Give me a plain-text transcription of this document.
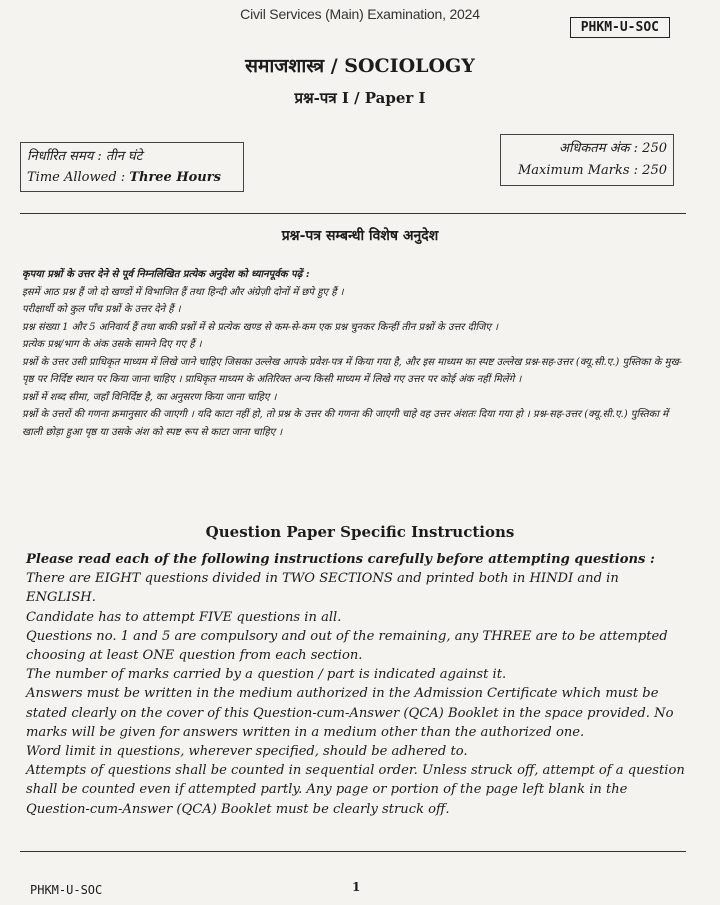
Civil Services (Main) Examination, 2024
PHKM-U-SOC
समाजशास्त्र / SOCIOLOGY
प्रश्न-पत्र I / Paper I
निर्धारित समय : तीन घंटे
Time Allowed : Three Hours
अधिकतम अंक : 250
Maximum Marks : 250
प्रश्न-पत्र सम्बन्धी विशेष अनुदेश

कृपया प्रश्नों के उत्तर देने से पूर्व निम्नलिखित प्रत्येक अनुदेश को ध्यानपूर्वक पढ़ें :

इसमें आठ प्रश्न हैं जो दो खण्डों में विभाजित हैं तथा हिन्दी और अंग्रेज़ी दोनों में छपे हुए हैं ।

परीक्षार्थी को कुल पाँच प्रश्नों के उत्तर देने हैं ।

प्रश्न संख्या 1 और 5 अनिवार्य हैं तथा बाकी प्रश्नों में से प्रत्येक खण्ड से कम-से-कम एक प्रश्न चुनकर किन्हीं तीन प्रश्नों के उत्तर दीजिए ।

प्रत्येक प्रश्न/भाग के अंक उसके सामने दिए गए हैं ।

प्रश्नों के उत्तर उसी प्राधिकृत माध्यम में लिखे जाने चाहिए जिसका उल्लेख आपके प्रवेश-पत्र में किया गया है, और इस माध्यम का स्पष्ट उल्लेख प्रश्न-सह-उत्तर (क्यू.सी.ए.) पुस्तिका के मुख-पृष्ठ पर निर्दिष्ट स्थान पर किया जाना चाहिए । प्राधिकृत माध्यम के अतिरिक्त अन्य किसी माध्यम में लिखे गए उत्तर पर कोई अंक नहीं मिलेंगे ।

प्रश्नों में शब्द सीमा, जहाँ विनिर्दिष्ट है, का अनुसरण किया जाना चाहिए ।

प्रश्नों के उत्तरों की गणना क्रमानुसार की जाएगी । यदि काटा नहीं हो, तो प्रश्न के उत्तर की गणना की जाएगी चाहे वह उत्तर अंशतः दिया गया हो । प्रश्न-सह-उत्तर (क्यू.सी.ए.) पुस्तिका में खाली छोड़ा हुआ पृष्ठ या उसके अंश को स्पष्ट रूप से काटा जाना चाहिए ।

Question Paper Specific Instructions

Please read each of the following instructions carefully before attempting questions :

There are EIGHT questions divided in TWO SECTIONS and printed both in HINDI and in ENGLISH.

Candidate has to attempt FIVE questions in all.

Questions no. 1 and 5 are compulsory and out of the remaining, any THREE are to be attempted choosing at least ONE question from each section.

The number of marks carried by a question / part is indicated against it.

Answers must be written in the medium authorized in the Admission Certificate which must be stated clearly on the cover of this Question-cum-Answer (QCA) Booklet in the space provided. No marks will be given for answers written in a medium other than the authorized one.

Word limit in questions, wherever specified, should be adhered to.

Attempts of questions shall be counted in sequential order. Unless struck off, attempt of a question shall be counted even if attempted partly. Any page or portion of the page left blank in the Question-cum-Answer (QCA) Booklet must be clearly struck off.

PHKM-U-SOC	1
